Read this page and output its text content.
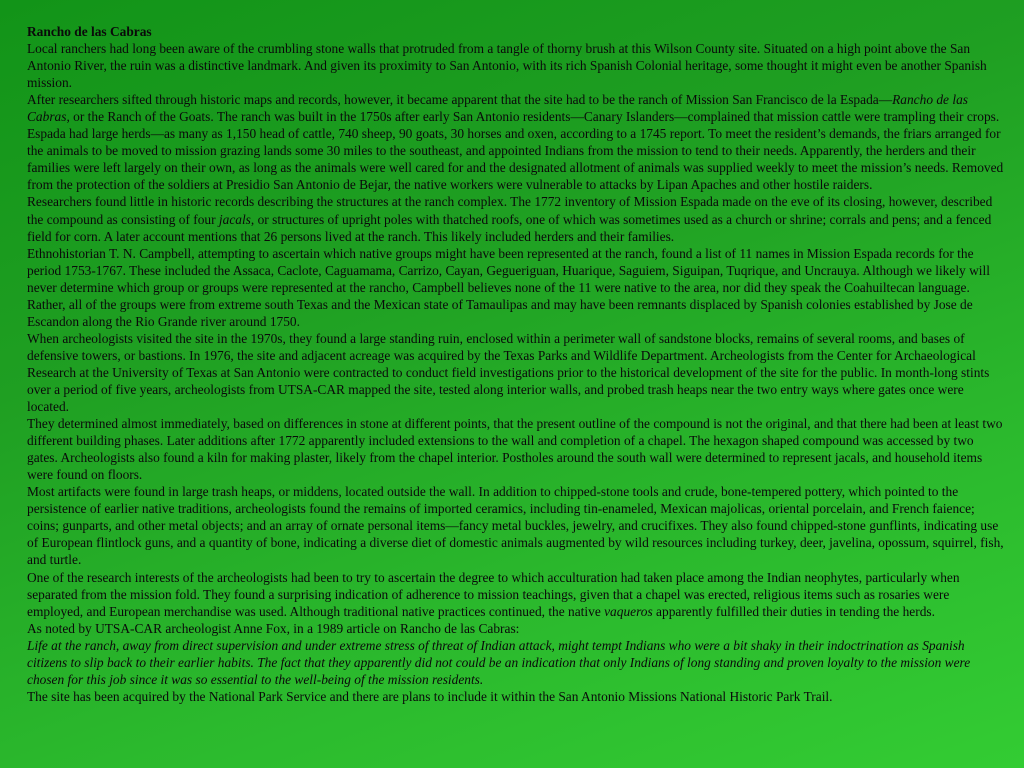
Rancho de las Cabras
Local ranchers had long been aware of the crumbling stone walls that protruded from a tangle of thorny brush at this Wilson County site. Situated on a high point above the San Antonio River, the ruin was a distinctive landmark. And given its proximity to San Antonio, with its rich Spanish Colonial heritage, some thought it might even be another Spanish mission.
After researchers sifted through historic maps and records, however, it became apparent that the site had to be the ranch of Mission San Francisco de la Espada—Rancho de las Cabras, or the Ranch of the Goats. The ranch was built in the 1750s after early San Antonio residents—Canary Islanders—complained that mission cattle were trampling their crops. Espada had large herds—as many as 1,150 head of cattle, 740 sheep, 90 goats, 30 horses and oxen, according to a 1745 report. To meet the resident’s demands, the friars arranged for the animals to be moved to mission grazing lands some 30 miles to the southeast, and appointed Indians from the mission to tend to their needs. Apparently, the herders and their families were left largely on their own, as long as the animals were well cared for and the designated allotment of animals was supplied weekly to meet the mission’s needs. Removed from the protection of the soldiers at Presidio San Antonio de Bejar, the native workers were vulnerable to attacks by Lipan Apaches and other hostile raiders.
Researchers found little in historic records describing the structures at the ranch complex. The 1772 inventory of Mission Espada made on the eve of its closing, however, described the compound as consisting of four jacals, or structures of upright poles with thatched roofs, one of which was sometimes used as a church or shrine; corrals and pens; and a fenced field for corn. A later account mentions that 26 persons lived at the ranch. This likely included herders and their families.
Ethnohistorian T. N. Campbell, attempting to ascertain which native groups might have been represented at the ranch, found a list of 11 names in Mission Espada records for the period 1753-1767. These included the Assaca, Caclote, Caguamama, Carrizo, Cayan, Gegueriguan, Huarique, Saguiem, Siguipan, Tuqrique, and Uncrauya. Although we likely will never determine which group or groups were represented at the rancho, Campbell believes none of the 11 were native to the area, nor did they speak the Coahuiltecan language. Rather, all of the groups were from extreme south Texas and the Mexican state of Tamaulipas and may have been remnants displaced by Spanish colonies established by Jose de Escandon along the Rio Grande river around 1750.
When archeologists visited the site in the 1970s, they found a large standing ruin, enclosed within a perimeter wall of sandstone blocks, remains of several rooms, and bases of defensive towers, or bastions. In 1976, the site and adjacent acreage was acquired by the Texas Parks and Wildlife Department. Archeologists from the Center for Archaeological Research at the University of Texas at San Antonio were contracted to conduct field investigations prior to the historical development of the site for the public. In month-long stints over a period of five years, archeologists from UTSA-CAR mapped the site, tested along interior walls, and probed trash heaps near the two entry ways where gates once were located.
They determined almost immediately, based on differences in stone at different points, that the present outline of the compound is not the original, and that there had been at least two different building phases. Later additions after 1772 apparently included extensions to the wall and completion of a chapel. The hexagon shaped compound was accessed by two gates. Archeologists also found a kiln for making plaster, likely from the chapel interior. Postholes around the south wall were determined to represent jacals, and household items were found on floors.
Most artifacts were found in large trash heaps, or middens, located outside the wall. In addition to chipped-stone tools and crude, bone-tempered pottery, which pointed to the persistence of earlier native traditions, archeologists found the remains of imported ceramics, including tin-enameled, Mexican majolicas, oriental porcelain, and French faience; coins; gunparts, and other metal objects; and an array of ornate personal items—fancy metal buckles, jewelry, and crucifixes. They also found chipped-stone gunflints, indicating use of European flintlock guns, and a quantity of bone, indicating a diverse diet of domestic animals augmented by wild resources including turkey, deer, javelina, opossum, squirrel, fish, and turtle.
One of the research interests of the archeologists had been to try to ascertain the degree to which acculturation had taken place among the Indian neophytes, particularly when separated from the mission fold. They found a surprising indication of adherence to mission teachings, given that a chapel was erected, religious items such as rosaries were employed, and European merchandise was used. Although traditional native practices continued, the native vaqueros apparently fulfilled their duties in tending the herds.
As noted by UTSA-CAR archeologist Anne Fox, in a 1989 article on Rancho de las Cabras:
Life at the ranch, away from direct supervision and under extreme stress of threat of Indian attack, might tempt Indians who were a bit shaky in their indoctrination as Spanish citizens to slip back to their earlier habits. The fact that they apparently did not could be an indication that only Indians of long standing and proven loyalty to the mission were chosen for this job since it was so essential to the well-being of the mission residents.
The site has been acquired by the National Park Service and there are plans to include it within the San Antonio Missions National Historic Park Trail.
